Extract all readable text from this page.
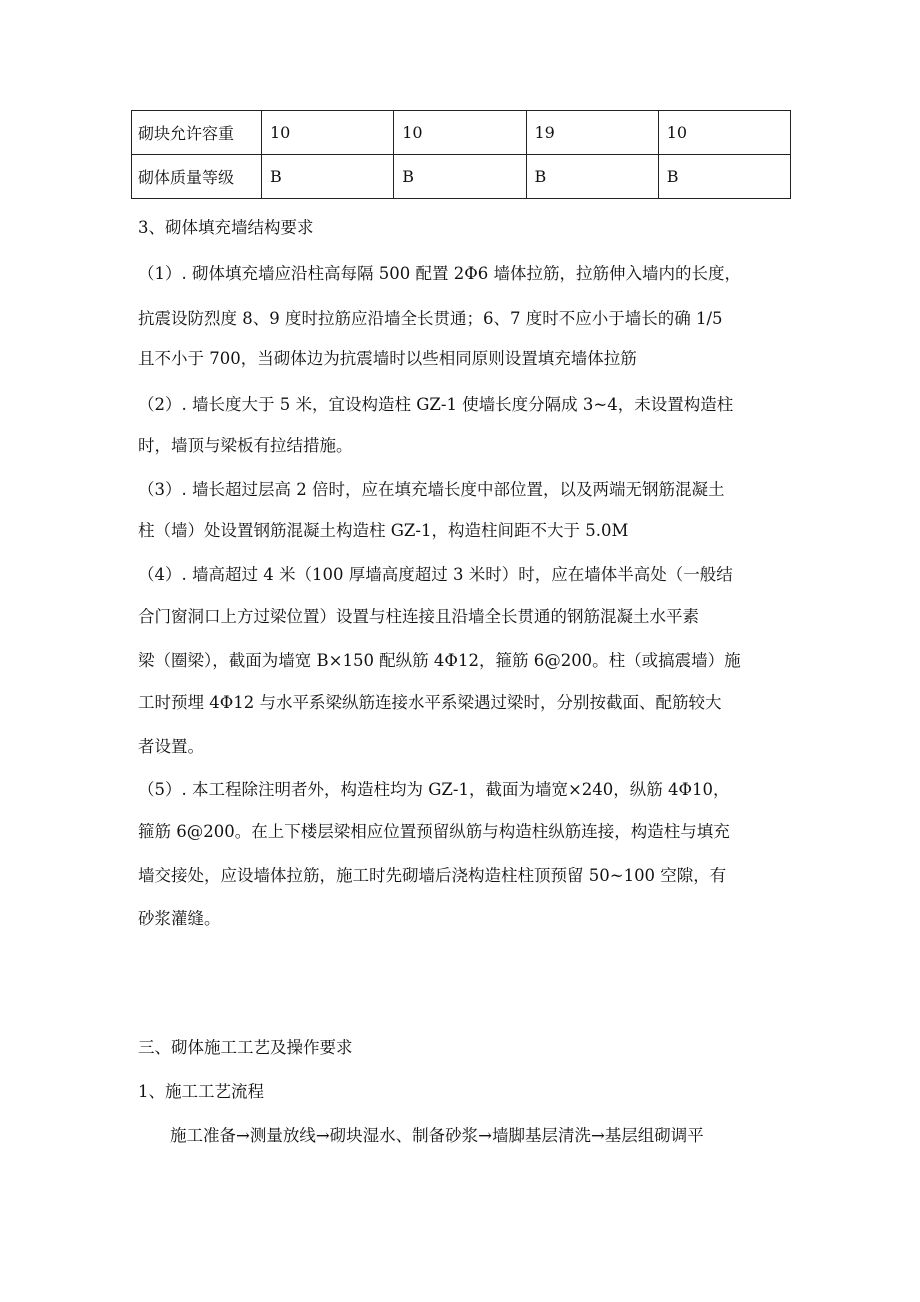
砌块允许容重	10	10	19	10
砌体质量等级	B	B	B	B
3、砌体填充墙结构要求
（1）. 砌体填充墙应沿柱高每隔 500 配置 2Φ6 墙体拉筋，拉筋伸入墙内的长度，
抗震设防烈度 8、9 度时拉筋应沿墙全长贯通；6、7 度时不应小于墙长的确 1/5
且不小于 700，当砌体边为抗震墙时以些相同原则设置填充墙体拉筋
（2）. 墙长度大于 5 米，宜设构造柱 GZ-1 使墙长度分隔成 3~4，未设置构造柱
时，墙顶与梁板有拉结措施。
（3）. 墙长超过层高 2 倍时，应在填充墙长度中部位置，以及两端无钢筋混凝土
柱（墙）处设置钢筋混凝土构造柱 GZ-1，构造柱间距不大于 5.0M
（4）. 墙高超过 4 米（100 厚墙高度超过 3 米时）时，应在墙体半高处（一般结
合门窗洞口上方过梁位置）设置与柱连接且沿墙全长贯通的钢筋混凝土水平素
梁（圈梁），截面为墙宽 B×150 配纵筋 4Φ12，箍筋 6@200。柱（或搞震墙）施
工时预埋 4Φ12 与水平系梁纵筋连接水平系梁遇过梁时，分别按截面、配筋较大
者设置。
（5）. 本工程除注明者外，构造柱均为 GZ-1，截面为墙宽×240，纵筋 4Φ10，
箍筋 6@200。在上下楼层梁相应位置预留纵筋与构造柱纵筋连接，构造柱与填充
墙交接处，应设墙体拉筋，施工时先砌墙后浇构造柱柱顶预留 50~100 空隙，有
砂浆灌缝。
三、砌体施工工艺及操作要求
1、施工工艺流程
施工准备→测量放线→砌块湿水、制备砂浆→墙脚基层清洗→基层组砌调平
